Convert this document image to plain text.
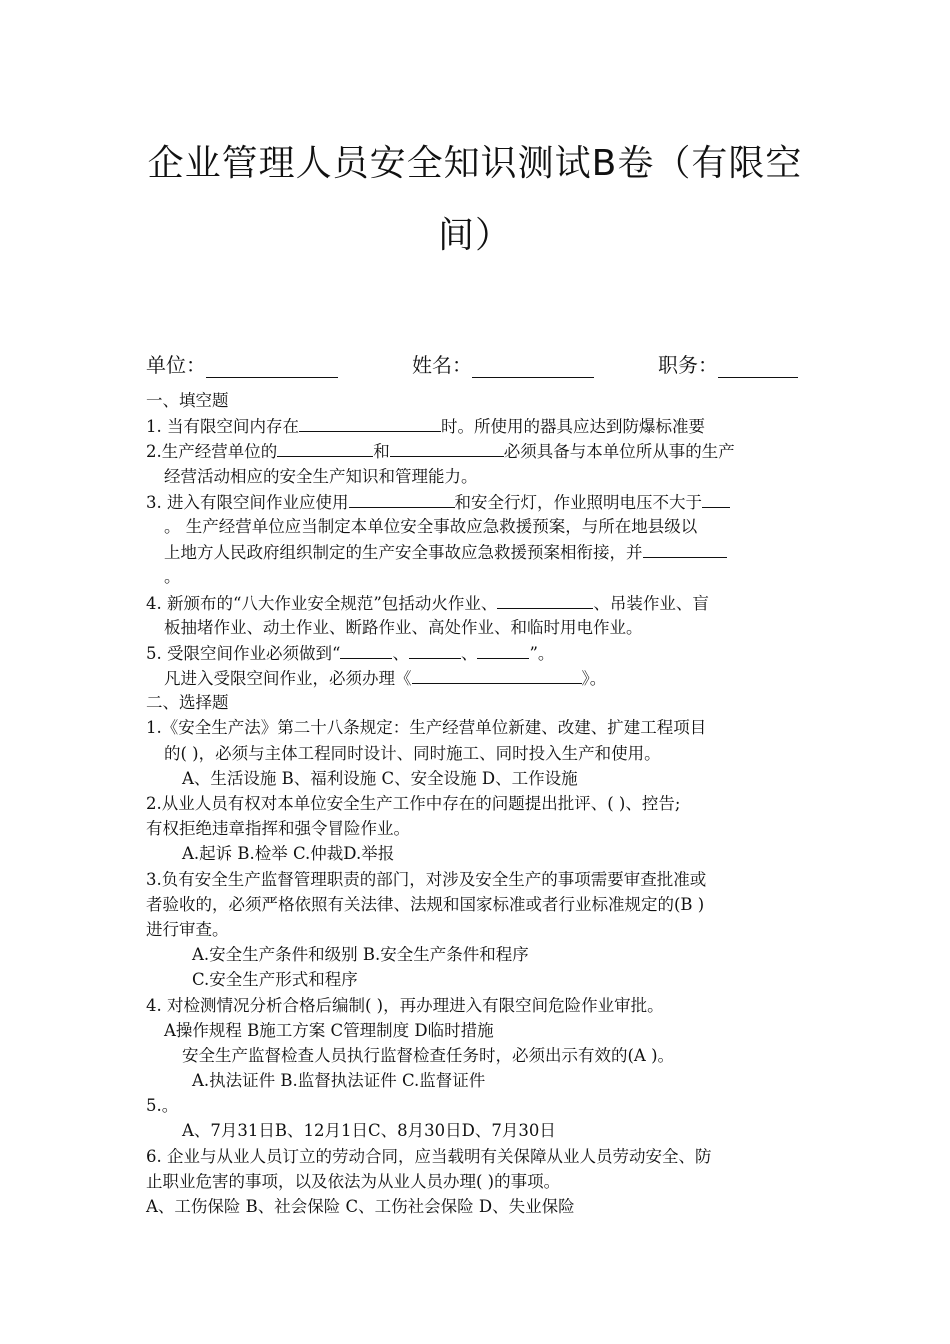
企业管理人员安全知识测试B卷（有限空
间）
单位：	姓名：	职务：
一、填空题
1. 当有限空间内存在	时。所使用的器具应达到防爆标准要
2.生产经营单位的	和	必须具备与本单位所从事的生产
经营活动相应的安全生产知识和管理能力。
3. 进入有限空间作业应使用	和安全行灯，作业照明电压不大于
。 生产经营单位应当制定本单位安全事故应急救援预案，与所在地县级以
上地方人民政府组织制定的生产安全事故应急救援预案相衔接，并
。
4. 新颁布的“八大作业安全规范”包括动火作业、	、吊装作业、盲
板抽堵作业、动土作业、断路作业、高处作业、和临时用电作业。
5. 受限空间作业必须做到“	、	、	”。
凡进入受限空间作业，必须办理《	》。
二、选择题
1.《安全生产法》第二十八条规定：生产经营单位新建、改建、扩建工程项目
的( )，必须与主体工程同时设计、同时施工、同时投入生产和使用。
A、生活设施 B、福利设施 C、安全设施 D、工作设施
2.从业人员有权对本单位安全生产工作中存在的问题提出批评、( )、控告;
有权拒绝违章指挥和强令冒险作业。
A.起诉 B.检举 C.仲裁D.举报
3.负有安全生产监督管理职责的部门，对涉及安全生产的事项需要审查批准或
者验收的，必须严格依照有关法律、法规和国家标准或者行业标准规定的(B )
进行审查。
A.安全生产条件和级别 B.安全生产条件和程序
C.安全生产形式和程序
4. 对检测情况分析合格后编制( )，再办理进入有限空间危险作业审批。
A操作规程 B施工方案 C管理制度 D临时措施
安全生产监督检查人员执行监督检查任务时，必须出示有效的(A )。
A.执法证件 B.监督执法证件 C.监督证件
5.。
A、7月31日B、12月1日C、8月30日D、7月30日
6. 企业与从业人员订立的劳动合同，应当载明有关保障从业人员劳动安全、防
止职业危害的事项，以及依法为从业人员办理( )的事项。
A、工伤保险 B、社会保险 C、工伤社会保险 D、失业保险
